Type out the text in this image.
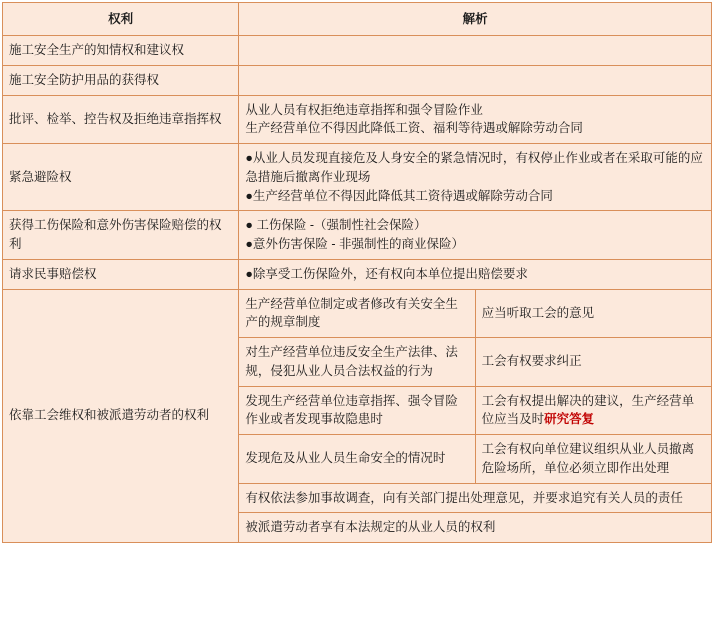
权利	解析	
施工安全生产的知情权和建议权		
施工安全防护用品的获得权		
批评、检举、控告权及拒绝违章指挥权	从业人员有权拒绝违章指挥和强令冒险作业
生产经营单位不得因此降低工资、福利等待遇或解除劳动合同	

紧急避险权	●从业人员发现直接危及人身安全的紧急情况时，有权停止作业或者在采取可能的应急措施后撤离作业现场
●生产经营单位不得因此降低其工资待遇或解除劳动合同	

获得工伤保险和意外伤害保险赔偿的权利	● 工伤保险 -（强制性社会保险）
●意外伤害保险 - 非强制性的商业保险）	

请求民事赔偿权	●除享受工伤保险外，还有权向本单位提出赔偿要求	

依靠工会维权和被派遣劳动者的权利	生产经营单位制定或者修改有关安全生产的规章制度	应当听取工会的意见
	对生产经营单位违反安全生产法律、法规，侵犯从业人员合法权益的行为	工会有权要求纠正
	发现生产经营单位违章指挥、强令冒险作业或者发现事故隐患时	工会有权提出解决的建议，生产经营单位应当及时研究答复
	发现危及从业人员生命安全的情况时	工会有权向单位建议组织从业人员撤离危险场所，单位必须立即作出处理
	有权依法参加事故调查，向有关部门提出处理意见，并要求追究有关人员的责任	
	被派遣劳动者享有本法规定的从业人员的权利	
